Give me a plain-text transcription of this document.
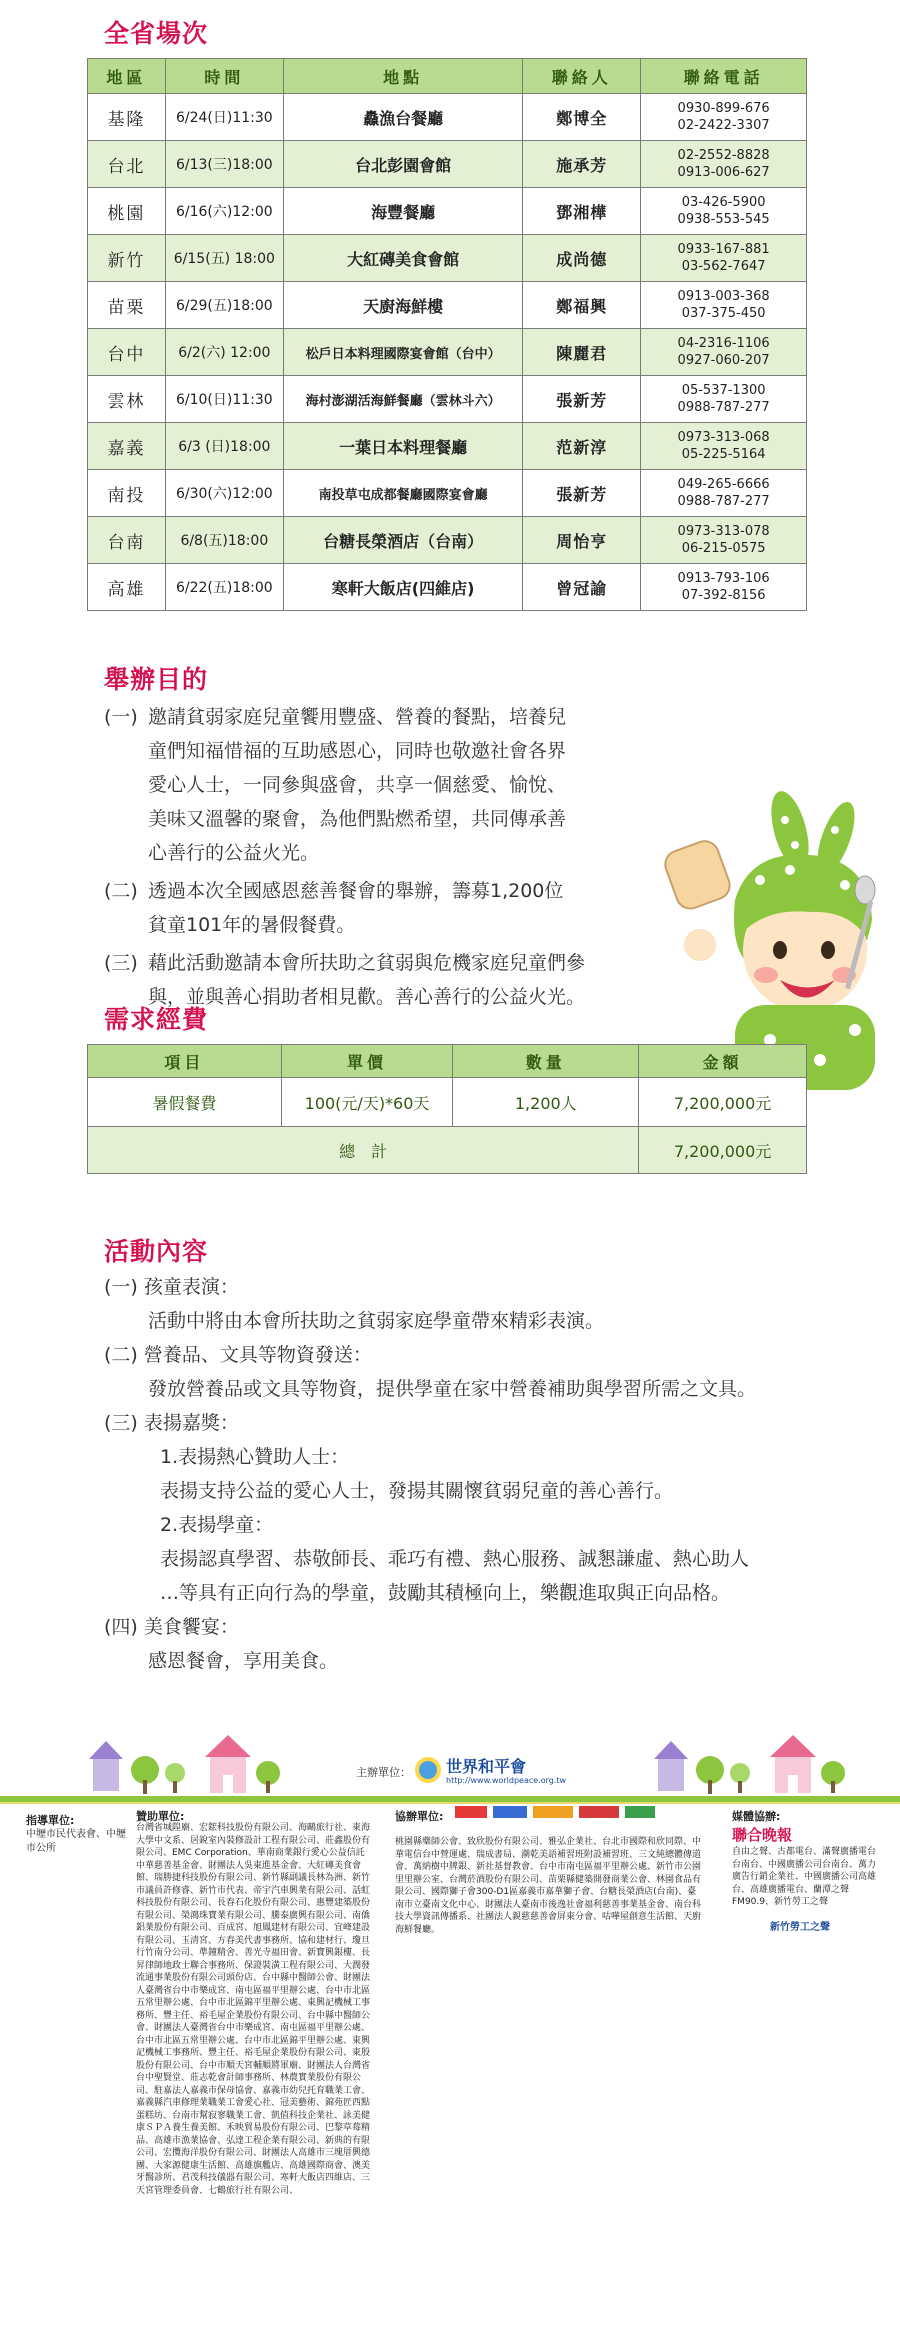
全省場次
地區	時間	地點	聯絡人	聯絡電話
基隆	6/24(日)11:30	灥漁台餐廳	鄭博全	0930-899-676
02-2422-3307

台北	6/13(三)18:00	台北彭園會館	施承芳	02-2552-8828
0913-006-627

桃園	6/16(六)12:00	海豐餐廳	鄧湘樺	03-426-5900
0938-553-545

新竹	6/15(五) 18:00	大紅磚美食會館	成尚德	0933-167-881
03-562-7647

苗栗	6/29(五)18:00	天廚海鮮樓	鄭福興	0913-003-368
037-375-450

台中	6/2(六) 12:00	松戶日本料理國際宴會館（台中）	陳麗君	04-2316-1106
0927-060-207

雲林	6/10(日)11:30	海村澎湖活海鮮餐廳（雲林斗六）	張新芳	05-537-1300
0988-787-277

嘉義	6/3 (日)18:00	一葉日本料理餐廳	范新淳	0973-313-068
05-225-5164

南投	6/30(六)12:00	南投草屯成都餐廳國際宴會廳	張新芳	049-265-6666
0988-787-277

台南	6/8(五)18:00	台糖長榮酒店（台南）	周怡亨	0973-313-078
06-215-0575

高雄	6/22(五)18:00	寒軒大飯店(四維店)	曾冠諭	0913-793-106
07-392-8156
舉辦目的
(一) 邀請貧弱家庭兒童饗用豐盛、營養的餐點，培養兒
童們知福惜福的互助感恩心，同時也敬邀社會各界
愛心人士，一同參與盛會，共享一個慈愛、愉悅、
美味又溫馨的聚會，為他們點燃希望，共同傳承善
心善行的公益火光。
(二) 透過本次全國感恩慈善餐會的舉辦，籌募1,200位
貧童101年的暑假餐費。
(三) 藉此活動邀請本會所扶助之貧弱與危機家庭兒童們參
與，並與善心捐助者相見歡。善心善行的公益火光。
需求經費
項目	單價	數量	金額
暑假餐費	100(元/天)*60天	1,200人	7,200,000元
總　計			7,200,000元
活動內容
(一) 孩童表演：
活動中將由本會所扶助之貧弱家庭學童帶來精彩表演。
(二) 營養品、文具等物資發送：
發放營養品或文具等物資，提供學童在家中營養補助與學習所需之文具。
(三) 表揚嘉獎：
1.表揚熱心贊助人士：
表揚支持公益的愛心人士，發揚其關懷貧弱兒童的善心善行。
2.表揚學童：
表揚認真學習、恭敬師長、乖巧有禮、熱心服務、誠懇謙虛、熱心助人
…等具有正向行為的學童，鼓勵其積極向上，樂觀進取與正向品格。
(四) 美食饗宴：
感恩餐會，享用美食。
主辦單位： 世界和平會
http://www.worldpeace.org.tw
指導單位:
中壢市民代表會、中壢市公所
贊助單位:
台灣省城隍廟、宏鋐科技股份有限公司、海鷗旅行社、東海大學中文系、居銳室內裝修設計工程有限公司、莊鑫股份有限公司、EMC Corporation、華南商業銀行愛心公益信託中華慈善基金會、財團法人吳東進基金會、大紅磚美食會館、瑞勝捷科技股份有限公司、新竹縣副議長林為洲、新竹市議員許修睿、新竹市代表、帝宇汽車興業有限公司、話虹科技股份有限公司、長春石化股份有限公司、惠豐建築股份有限公司、榮鴻珠寶業有限公司、騰泰廣興有限公司、南僑鋁業股份有限公司、百成宮、旭鳳建材有限公司、宜峰建設有限公司、玉清宮、方春美代書事務所、協和建材行、瓊旦行竹南分公司、準鐘精舍、善光寺福田會、新寶興銀樓、長昇律師地政士聯合事務所、保證裝潢工程有限公司、大潤發流通事業股份有限公司頭份店、台中縣中醫師公會、財團法人臺灣省台中市樂成宮、南屯區福平里辦公處、台中市北區五常里辦公處、台中市北區錦平里辦公處、東興記機械工事務所、豐主任、裕毛屋企業股份有限公司、台中縣中醫師公會、財團法人臺灣省台中市樂成宮、南屯區福平里辦公處、台中市北區五常里辦公處、台中市北區錦平里辦公處、東興記機械工事務所、豐主任、裕毛屋企業股份有限公司、東殷股份有限公司、台中市順天宮輔順將軍廟、財團法人台灣省台中聖賢堂、莊志乾會計師事務所、林農實業股份有限公司、駐嘉法人嘉義市保母協會、嘉義市幼兒托育職業工會、嘉義縣汽車修理業職業工會愛心社、冠美藝術、錦苑匠西點蛋糕坊、台南市幫寂寥職業工會、凱值科技企業社、詠美健康ＳＰＡ養生養美館、禾映貿易股份有限公司、巴黎草莓精品、高雄市漁業協會、弘達工程企業有限公司、新典的有限公司、宏攬海洋股份有限公司、財團法人高雄市三塊厝興德團、大家源健康生活館、高雄旗艦店、高雄國際商會、澳美牙醫診所、君茂科技儀器有限公司、寒軒大飯店四維店、三天宮管理委員會、七鶴旅行社有限公司、
協辦單位:
桃園縣藥師公會、致欣股份有限公司、雅弘企業社、台北市國際和欣同際、中華電信台中營運處、瑞成書局、潮乾美語補習班附設補習班、三文純總體傳道會、萬納樹中牌銀、新社基督教會、台中市南屯區福平里辦公處、新竹市公園里里辦公室、台灣菸酒股份有限公司、苗栗縣健築開發商業公會、林園食品有限公司、國際獅子會300-D1區嘉義市嘉華獅子會、台糖長榮酒店(台南)、臺南市立臺南文化中心、財團法人臺南市後逸社會福利慈善事業基金會、南台科技大學資訊傳播系、社團法人親慈慈善會屏東分會、咕嘩屋創意生活館、天廚海鮮餐廳。
媒體協辦:
聯合晚報
自由之聲、古都電台、滿聲廣播電台台南台、中國廣播公司台南台、萬力廣告行銷企業社、中國廣播公司高雄台、高雄廣播電台、蘭潭之聲FM90.9、新竹勞工之聲
新竹勞工之聲
